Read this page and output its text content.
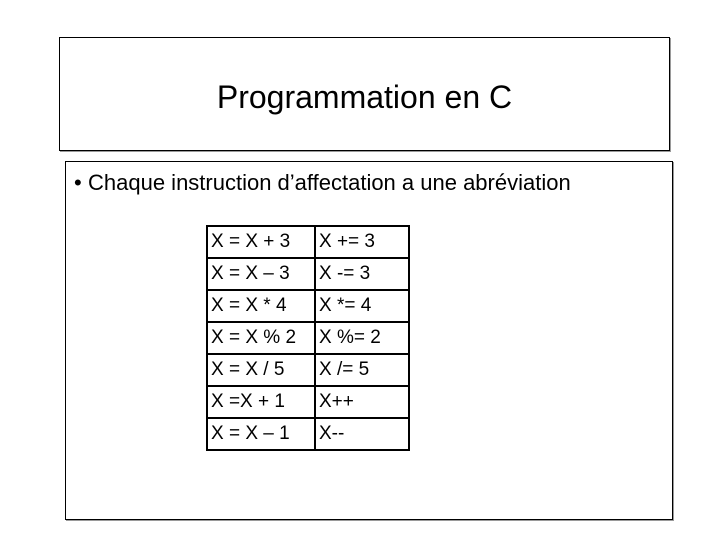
Programmation en C
• Chaque instruction d’affectation a une abréviation
X = X + 3	X += 3
X = X – 3	X -= 3
X = X * 4	X *= 4
X = X % 2	X %= 2
X = X / 5	X /= 5
X =X + 1	X++
X = X – 1	X--
